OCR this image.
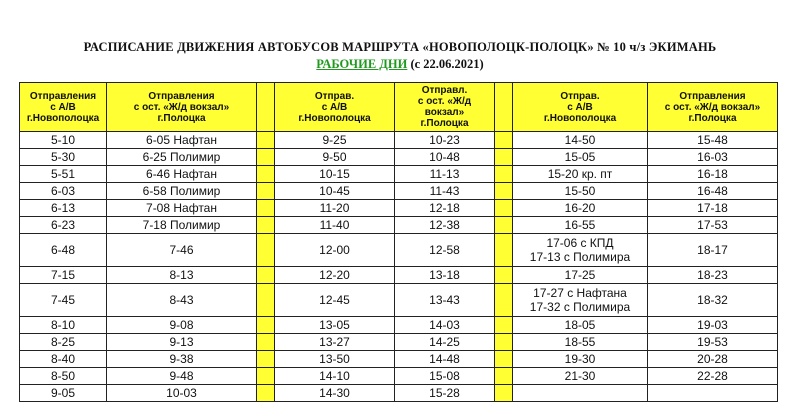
РАСПИСАНИЕ ДВИЖЕНИЯ АВТОБУСОВ МАРШРУТА «НОВОПОЛОЦК-ПОЛОЦК» № 10 ч/з ЭКИМАНЬ
РАБОЧИЕ ДНИ (с 22.06.2021)
Отправления
с А/В
г.Новополоцка	Отправления
с ост. «Ж/д вокзал»
г.Полоцка		Отправ.
с А/В
г.Новополоцка	Отправл.
с ост. «Ж/д
вокзал»
г.Полоцка		Отправ.
с А/В
г.Новополоцка	Отправления
с ост. «Ж/д вокзал»
г.Полоцка

5-10	6-05 Нафтан		9-25	10-23		14-50	15-48

5-30	6-25 Полимир		9-50	10-48		15-05	16-03

5-51	6-46 Нафтан		10-15	11-13		15-20 кр. пт	16-18

6-03	6-58 Полимир		10-45	11-43		15-50	16-48

6-13	7-08 Нафтан		11-20	12-18		16-20	17-18

6-23	7-18 Полимир		11-40	12-38		16-55	17-53

6-48	7-46		12-00	12-58		17-06 с КПД
17-13 с Полимира	18-17

7-15	8-13		12-20	13-18		17-25	18-23

7-45	8-43		12-45	13-43		17-27 с Нафтана
17-32 с Полимира	18-32

8-10	9-08		13-05	14-03		18-05	19-03

8-25	9-13		13-27	14-25		18-55	19-53

8-40	9-38		13-50	14-48		19-30	20-28

8-50	9-48		14-10	15-08		21-30	22-28

9-05	10-03		14-30	15-28			
